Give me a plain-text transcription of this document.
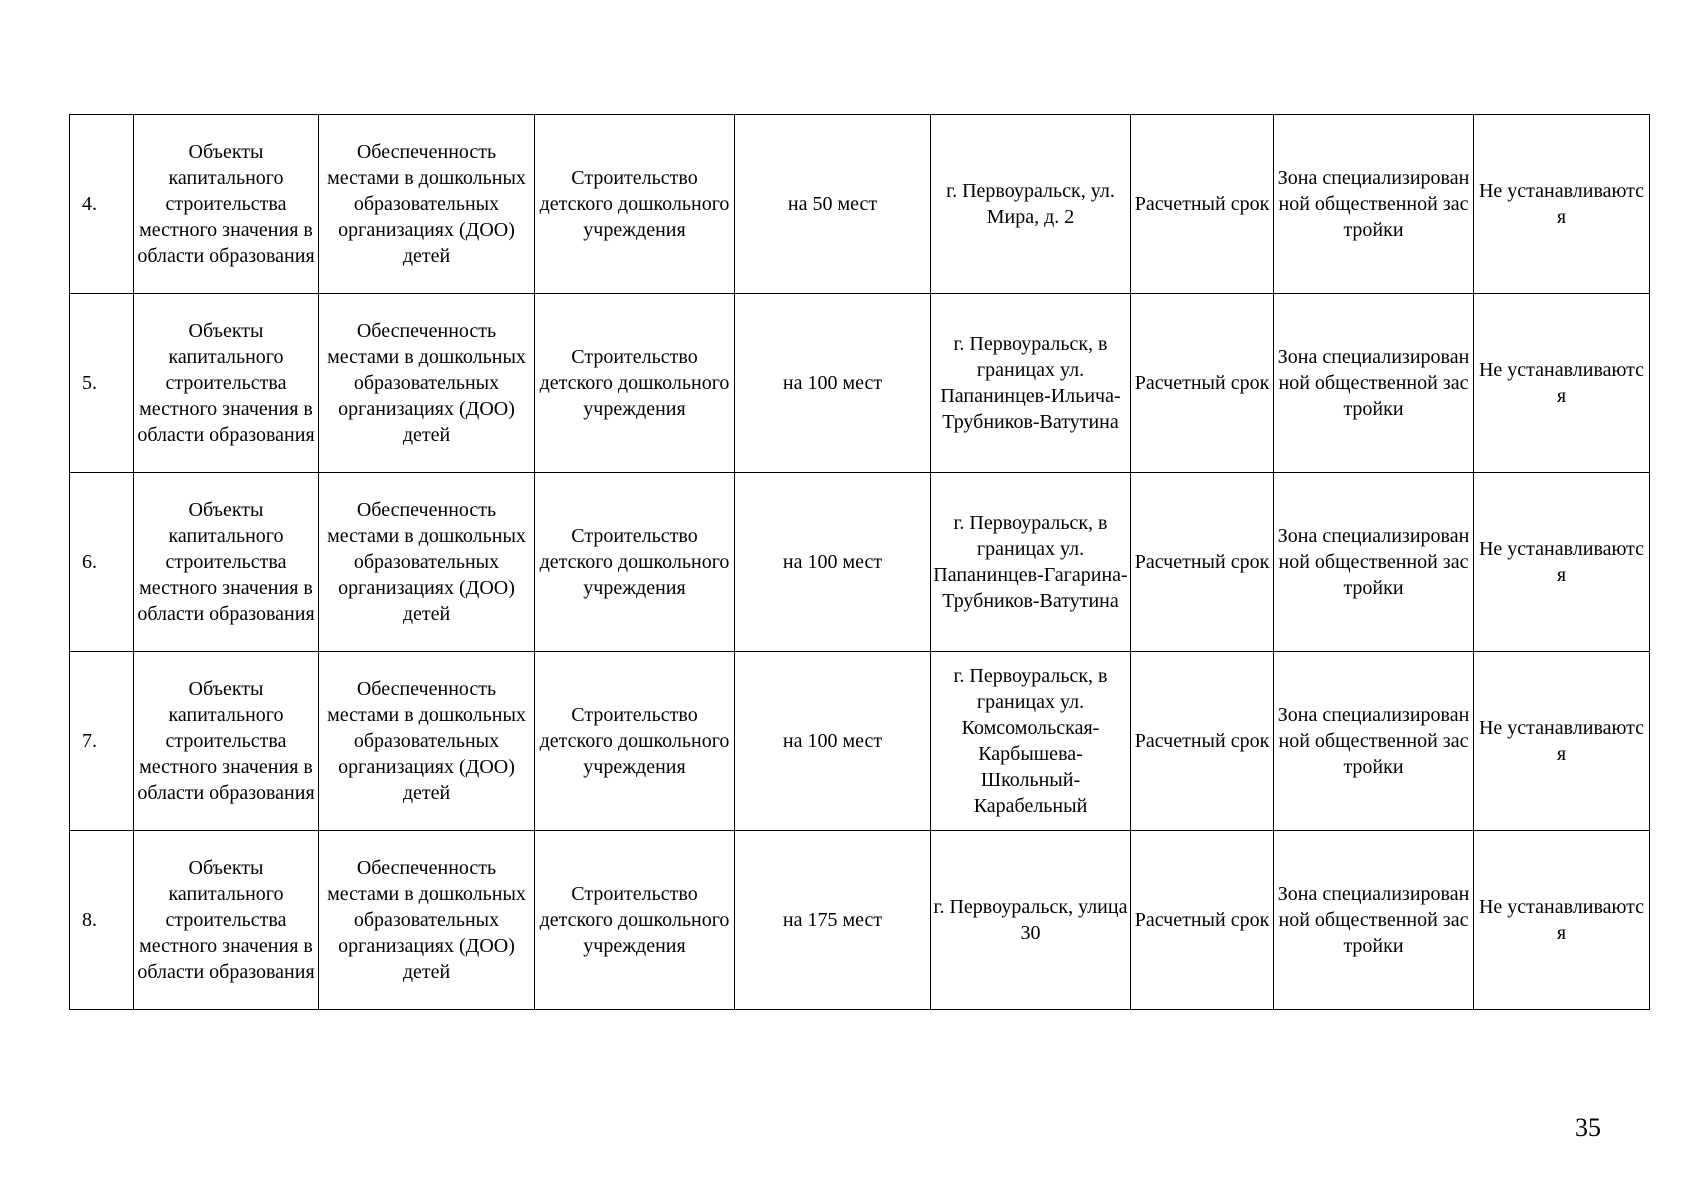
4.	Объекты капитального строительства местного значения в области образования	Обеспеченность местами в дошкольных образовательных организациях (ДОО) детей	Строительство детского дошкольного учреждения	на 50 мест	г. Первоуральск, ул. Мира, д. 2	Расчетный срок	Зона специализированной общественной застройки	Не устанавливаются

5.	Объекты капитального строительства местного значения в области образования	Обеспеченность местами в дошкольных образовательных организациях (ДОО) детей	Строительство детского дошкольного учреждения	на 100 мест	г. Первоуральск, в границах ул. Папанинцев-Ильича-Трубников-Ватутина	Расчетный срок	Зона специализированной общественной застройки	Не устанавливаются

6.	Объекты капитального строительства местного значения в области образования	Обеспеченность местами в дошкольных образовательных организациях (ДОО) детей	Строительство детского дошкольного учреждения	на 100 мест	г. Первоуральск, в границах ул. Папанинцев-Гагарина-Трубников-Ватутина	Расчетный срок	Зона специализированной общественной застройки	Не устанавливаются

7.	Объекты капитального строительства местного значения в области образования	Обеспеченность местами в дошкольных образовательных организациях (ДОО) детей	Строительство детского дошкольного учреждения	на 100 мест	г. Первоуральск, в границах ул. Комсомольская-Карбышева-Школьный-Карабельный	Расчетный срок	Зона специализированной общественной застройки	Не устанавливаются

8.	Объекты капитального строительства местного значения в области образования	Обеспеченность местами в дошкольных образовательных организациях (ДОО) детей	Строительство детского дошкольного учреждения	на 175 мест	г. Первоуральск, улица 30	Расчетный срок	Зона специализированной общественной застройки	Не устанавливаются
35
